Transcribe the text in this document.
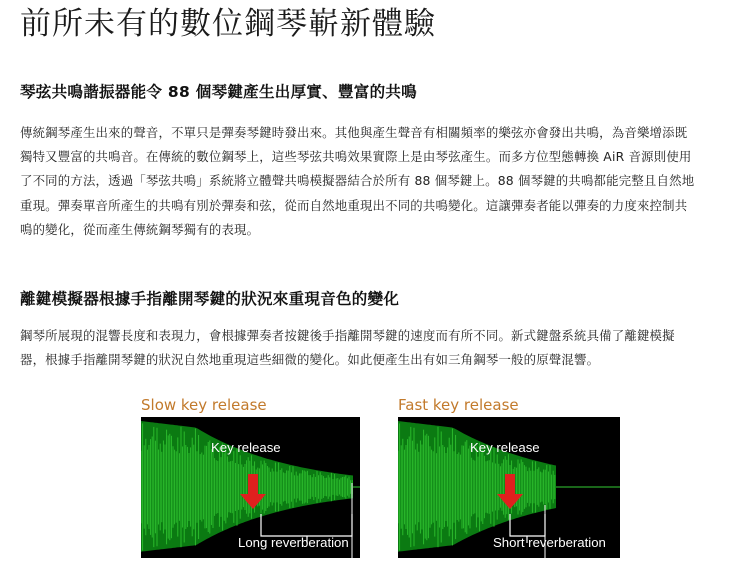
前所未有的數位鋼琴嶄新體驗
琴弦共鳴諧振器能令 88 個琴鍵產生出厚實、豐富的共鳴
傳統鋼琴產生出來的聲音，不單只是彈奏琴鍵時發出來。其他與產生聲音有相關頻率的樂弦亦會發出共鳴，為音樂增添既
獨特又豐富的共鳴音。在傳統的數位鋼琴上，這些琴弦共鳴效果實際上是由琴弦產生。而多方位型態轉換 AiR 音源則使用
了不同的方法，透過「琴弦共鳴」系統將立體聲共鳴模擬器結合於所有 88 個琴鍵上。88 個琴鍵的共鳴都能完整且自然地
重現。彈奏單音所產生的共鳴有別於彈奏和弦，從而自然地重現出不同的共鳴變化。這讓彈奏者能以彈奏的力度來控制共
鳴的變化，從而產生傳統鋼琴獨有的表現。
離鍵模擬器根據手指離開琴鍵的狀況來重現音色的變化
鋼琴所展現的混響長度和表現力，會根據彈奏者按鍵後手指離開琴鍵的速度而有所不同。新式鍵盤系統具備了離鍵模擬
器，根據手指離開琴鍵的狀況自然地重現這些細微的變化。如此便產生出有如三角鋼琴一般的原聲混響。
Slow key release
Key release
Long reverberation
Fast key release
Key release
Short reverberation
